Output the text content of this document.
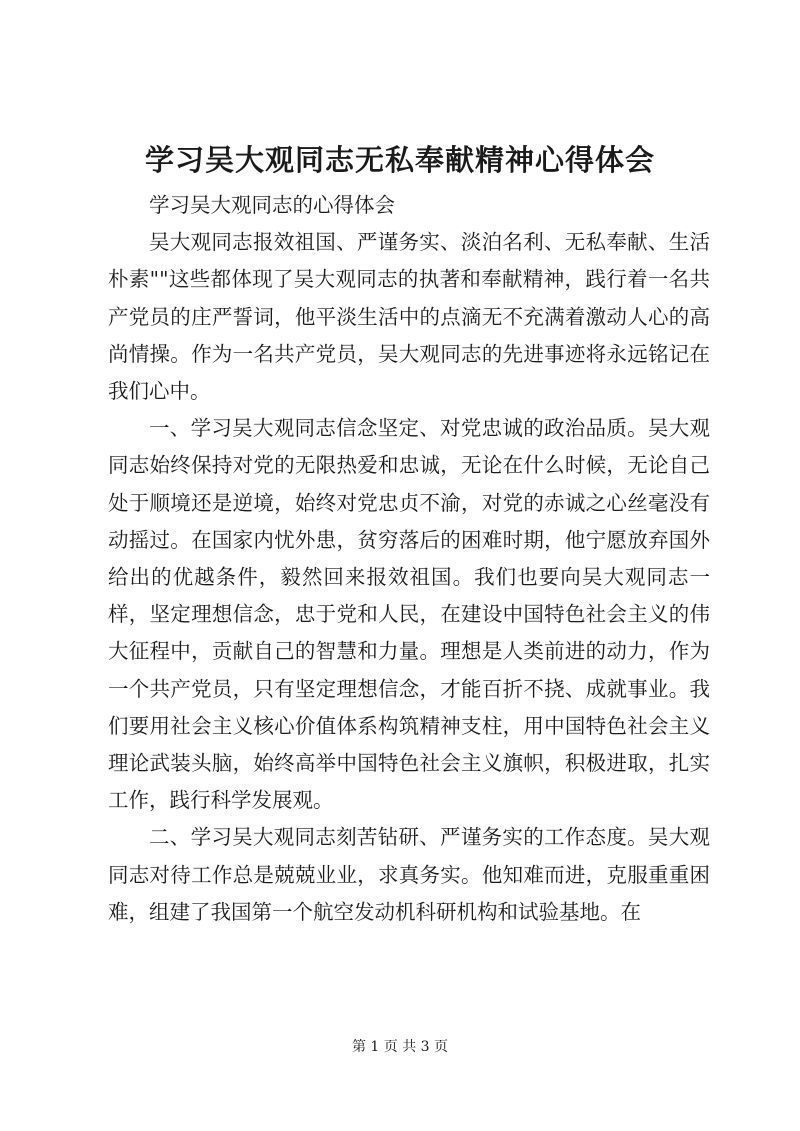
学习吴大观同志无私奉献精神心得体会

学习吴大观同志的心得体会

吴大观同志报效祖国、严谨务实、淡泊名利、无私奉献、生活朴素""这些都体现了吴大观同志的执著和奉献精神，践行着一名共产党员的庄严誓词，他平淡生活中的点滴无不充满着激动人心的高尚情操。作为一名共产党员，吴大观同志的先进事迹将永远铭记在我们心中。

一、学习吴大观同志信念坚定、对党忠诚的政治品质。吴大观同志始终保持对党的无限热爱和忠诚，无论在什么时候，无论自己处于顺境还是逆境，始终对党忠贞不渝，对党的赤诚之心丝毫没有动摇过。在国家内忧外患，贫穷落后的困难时期，他宁愿放弃国外给出的优越条件，毅然回来报效祖国。我们也要向吴大观同志一样，坚定理想信念，忠于党和人民，在建设中国特色社会主义的伟大征程中，贡献自己的智慧和力量。理想是人类前进的动力，作为一个共产党员，只有坚定理想信念，才能百折不挠、成就事业。我们要用社会主义核心价值体系构筑精神支柱，用中国特色社会主义理论武装头脑，始终高举中国特色社会主义旗帜，积极进取，扎实工作，践行科学发展观。

二、学习吴大观同志刻苦钻研、严谨务实的工作态度。吴大观同志对待工作总是兢兢业业，求真务实。他知难而进，克服重重困难，组建了我国第一个航空发动机科研机构和试验基地。在

第 1 页 共 3 页
